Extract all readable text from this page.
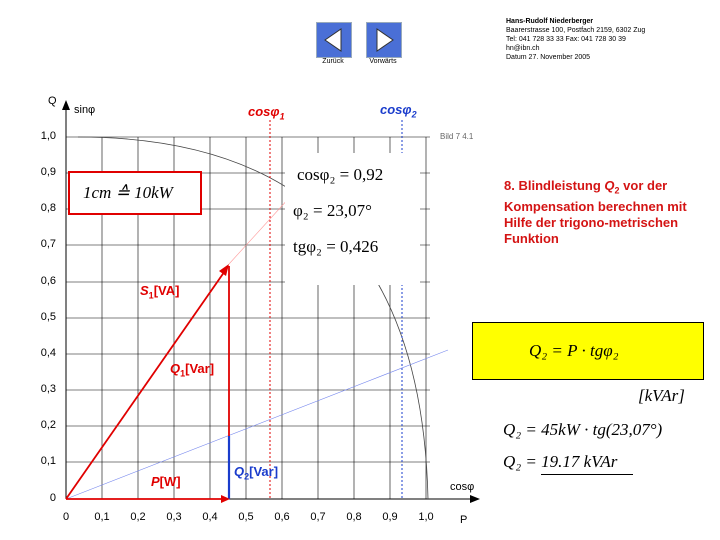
Zurück	Vorwärts
Hans-Rudolf Niederberger
Baarerstrasse 100, Postfach 2159, 6302 Zug
Tel: 041 728 33 33 Fax: 041 728 30 39
hn@ibn.ch
Datum 27. November 2005
Q
sinφ
cosφ
P
Bild 7 4.1
1,0
0,9
0,8
0,7
0,6
0,5
0,4
0,3
0,2
0,1
0
0	0,1	0,2	0,3	0,4	0,5	0,6	0,7	0,8	0,9	1,0
cosφ$_1$	cosφ$_2$
1cm ≙ 10kW
cosφ₂ = 0,92
φ₂ = 23,07°
tgφ₂ = 0,426
$S_1[VA]$
$Q_1[Var]$
$Q_2[Var]$
P[W]
8. Blindleistung $Q_2$ vor der Kompensation berechnen mit Hilfe der trigono-metrischen Funktion
Q₂ = P · tgφ₂
[kVAr]
Q₂ = 45kW · tg(23,07°)
Q₂ = 19.17 kVAr
